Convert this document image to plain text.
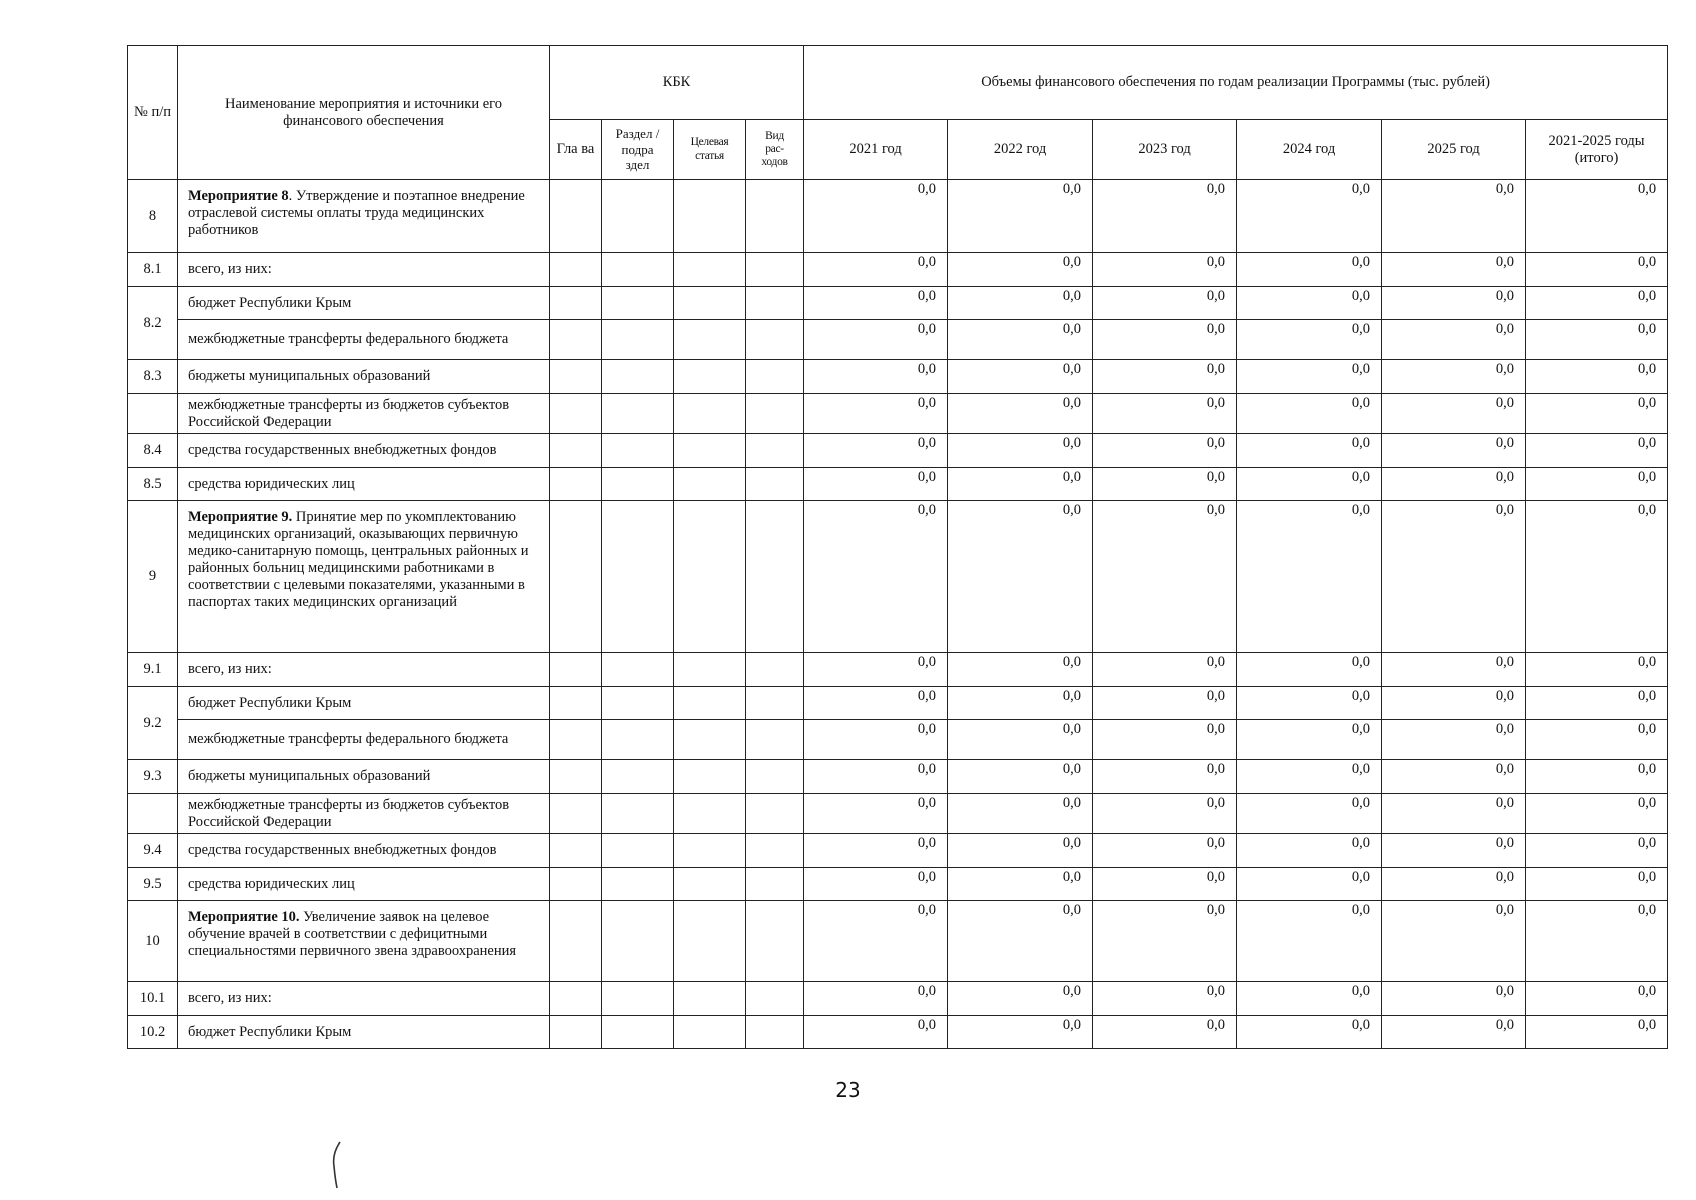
№ п/п	Наименование мероприятия и источники его финансового обеспечения	КБК				Объемы финансового обеспечения по годам реализации Программы (тыс. рублей)					
		Гла ва	Раздел /подра здел	Целевая статья	Вид рас- ходов	2021 год	2022 год	2023 год	2024 год	2025 год	2021-2025 годы (итого)
8	Мероприятие 8. Утверждение и поэтапное внедрение отраслевой системы оплаты труда медицинских работников					0,0	0,0	0,0	0,0	0,0	0,0
8.1	всего, из них:					0,0	0,0	0,0	0,0	0,0	0,0
8.2	бюджет Республики Крым					0,0	0,0	0,0	0,0	0,0	0,0
	межбюджетные трансферты федерального бюджета					0,0	0,0	0,0	0,0	0,0	0,0
8.3	бюджеты муниципальных образований					0,0	0,0	0,0	0,0	0,0	0,0
	межбюджетные трансферты из бюджетов субъектов Российской Федерации					0,0	0,0	0,0	0,0	0,0	0,0
8.4	средства государственных внебюджетных фондов					0,0	0,0	0,0	0,0	0,0	0,0
8.5	средства юридических лиц					0,0	0,0	0,0	0,0	0,0	0,0
9	Мероприятие 9. Принятие мер по укомплектованию медицинских организаций, оказывающих первичную медико-санитарную помощь, центральных районных и районных больниц медицинскими работниками в соответствии с целевыми показателями, указанными в паспортах таких медицинских организаций					0,0	0,0	0,0	0,0	0,0	0,0
9.1	всего, из них:					0,0	0,0	0,0	0,0	0,0	0,0
9.2	бюджет Республики Крым					0,0	0,0	0,0	0,0	0,0	0,0
	межбюджетные трансферты федерального бюджета					0,0	0,0	0,0	0,0	0,0	0,0
9.3	бюджеты муниципальных образований					0,0	0,0	0,0	0,0	0,0	0,0
	межбюджетные трансферты из бюджетов субъектов Российской Федерации					0,0	0,0	0,0	0,0	0,0	0,0
9.4	средства государственных внебюджетных фондов					0,0	0,0	0,0	0,0	0,0	0,0
9.5	средства юридических лиц					0,0	0,0	0,0	0,0	0,0	0,0
10	Мероприятие 10. Увеличение заявок на целевое обучение врачей в соответствии с дефицитными специальностями первичного звена здравоохранения					0,0	0,0	0,0	0,0	0,0	0,0
10.1	всего, из них:					0,0	0,0	0,0	0,0	0,0	0,0
10.2	бюджет Республики Крым					0,0	0,0	0,0	0,0	0,0	0,0
23
